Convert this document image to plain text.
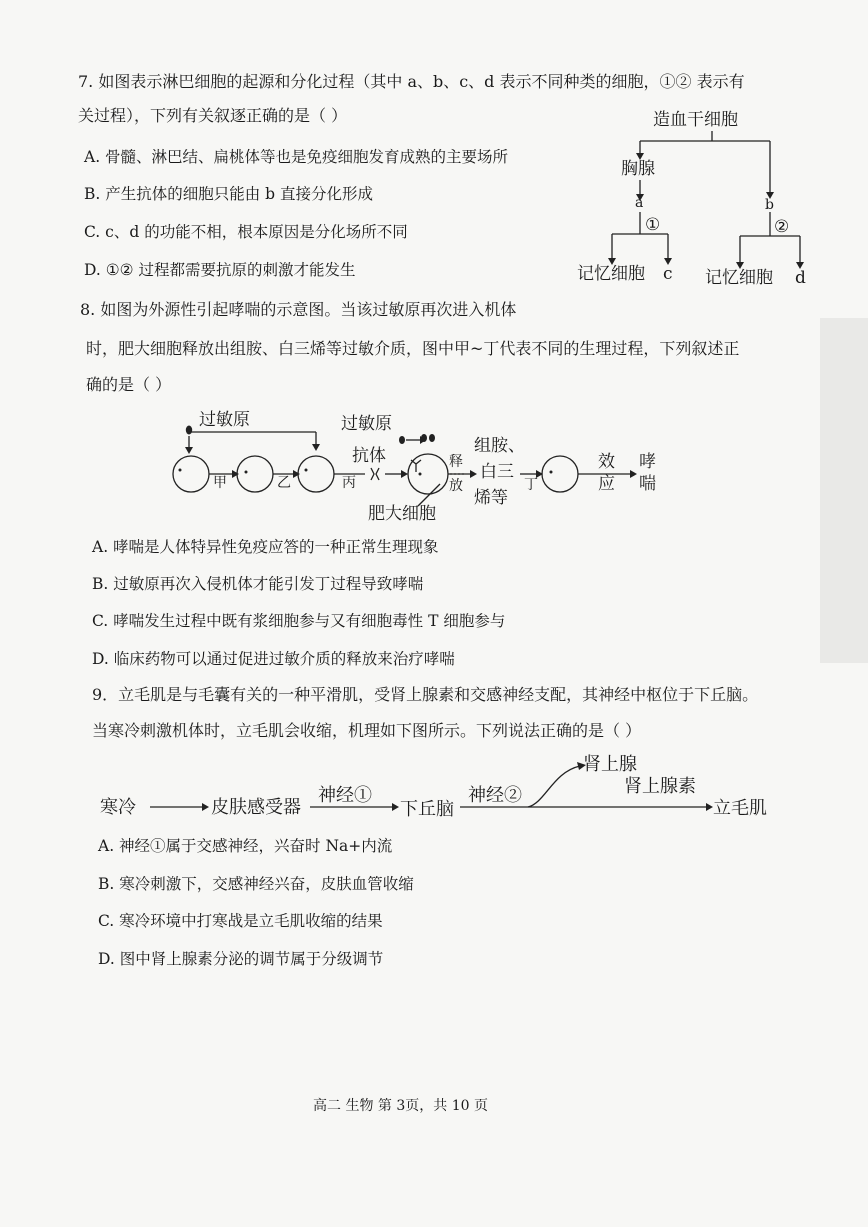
7. 如图表示淋巴细胞的起源和分化过程（其中 a、b、c、d 表示不同种类的细胞，①② 表示有
关过程），下列有关叙逐正确的是（ ）
A. 骨髓、淋巴结、扁桃体等也是免疫细胞发育成熟的主要场所
B. 产生抗体的细胞只能由 b 直接分化形成
C. c、d 的功能不相，根本原因是分化场所不同
D. ①② 过程都需要抗原的刺激才能发生
造血干细胞
胸腺
a	b
①	②
记忆细胞 c 记忆细胞 d
8. 如图为外源性引起哮喘的示意图。当该过敏原再次进入机体
时，肥大细胞释放出组胺、白三烯等过敏介质，图中甲~丁代表不同的生理过程，下列叙述正
确的是（ ）
过敏原	过敏原
甲	乙	丙
抗体
肥大细胞
释
放
组胺、
白三
烯等
丁
效
应
哮
喘
A. 哮喘是人体特异性免疫应答的一种正常生理现象
B. 过敏原再次入侵机体才能引发丁过程导致哮喘
C. 哮喘发生过程中既有浆细胞参与又有细胞毒性 T 细胞参与
D. 临床药物可以通过促进过敏介质的释放来治疗哮喘
9．立毛肌是与毛囊有关的一种平滑肌，受肾上腺素和交感神经支配，其神经中枢位于下丘脑。
当寒冷刺激机体时，立毛肌会收缩，机理如下图所示。下列说法正确的是（ ）
寒冷	皮肤感受器
神经①
下丘脑
神经②
肾上腺
肾上腺素
立毛肌
A. 神经①属于交感神经，兴奋时 Na+内流
B. 寒冷刺激下，交感神经兴奋，皮肤血管收缩
C. 寒冷环境中打寒战是立毛肌收缩的结果
D. 图中肾上腺素分泌的调节属于分级调节
高二 生物 第 3页，共 10 页
